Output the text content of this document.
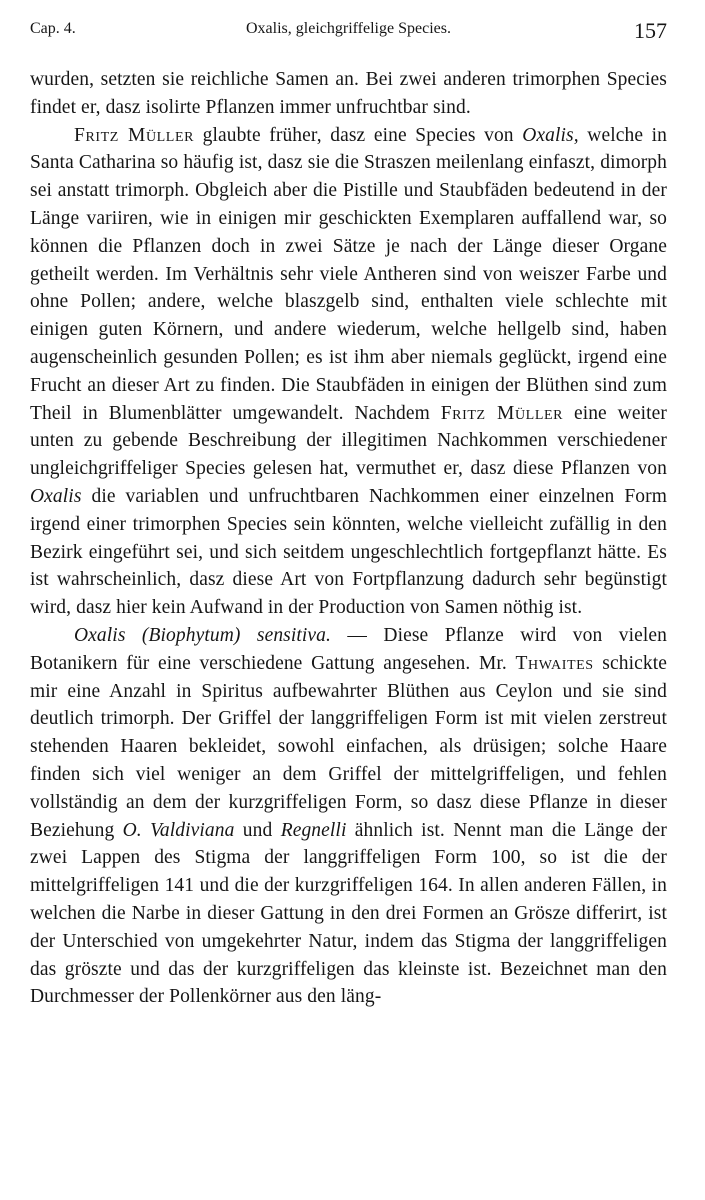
Cap. 4.	Oxalis, gleichgriffelige Species.	157

wurden, setzten sie reichliche Samen an. Bei zwei anderen trimorphen Species findet er, dasz isolirte Pflanzen immer unfruchtbar sind.

Fritz Müller glaubte früher, dasz eine Species von Oxalis, welche in Santa Catharina so häufig ist, dasz sie die Straszen meilenlang einfaszt, dimorph sei anstatt trimorph. Obgleich aber die Pistille und Staubfäden bedeutend in der Länge variiren, wie in einigen mir geschickten Exemplaren auffallend war, so können die Pflanzen doch in zwei Sätze je nach der Länge dieser Organe getheilt werden. Im Verhältnis sehr viele Antheren sind von weiszer Farbe und ohne Pollen; andere, welche blaszgelb sind, enthalten viele schlechte mit einigen guten Körnern, und andere wiederum, welche hellgelb sind, haben augenscheinlich gesunden Pollen; es ist ihm aber niemals geglückt, irgend eine Frucht an dieser Art zu finden. Die Staubfäden in einigen der Blüthen sind zum Theil in Blumenblätter umgewandelt. Nachdem Fritz Müller eine weiter unten zu gebende Beschreibung der illegitimen Nachkommen verschiedener ungleichgriffeliger Species gelesen hat, vermuthet er, dasz diese Pflanzen von Oxalis die variablen und unfruchtbaren Nachkommen einer einzelnen Form irgend einer trimorphen Species sein könnten, welche vielleicht zufällig in den Bezirk eingeführt sei, und sich seitdem ungeschlechtlich fortgepflanzt hätte. Es ist wahrscheinlich, dasz diese Art von Fortpflanzung dadurch sehr begünstigt wird, dasz hier kein Aufwand in der Production von Samen nöthig ist.

Oxalis (Biophytum) sensitiva. — Diese Pflanze wird von vielen Botanikern für eine verschiedene Gattung angesehen. Mr. Thwaites schickte mir eine Anzahl in Spiritus aufbewahrter Blüthen aus Ceylon und sie sind deutlich trimorph. Der Griffel der langgriffeligen Form ist mit vielen zerstreut stehenden Haaren bekleidet, sowohl einfachen, als drüsigen; solche Haare finden sich viel weniger an dem Griffel der mittelgriffeligen, und fehlen vollständig an dem der kurzgriffeligen Form, so dasz diese Pflanze in dieser Beziehung O. Valdiviana und Regnelli ähnlich ist. Nennt man die Länge der zwei Lappen des Stigma der langgriffeligen Form 100, so ist die der mittelgriffeligen 141 und die der kurzgriffeligen 164. In allen anderen Fällen, in welchen die Narbe in dieser Gattung in den drei Formen an Grösze differirt, ist der Unterschied von umgekehrter Natur, indem das Stigma der langgriffeligen das gröszte und das der kurzgriffeligen das kleinste ist. Bezeichnet man den Durchmesser der Pollenkörner aus den läng-
